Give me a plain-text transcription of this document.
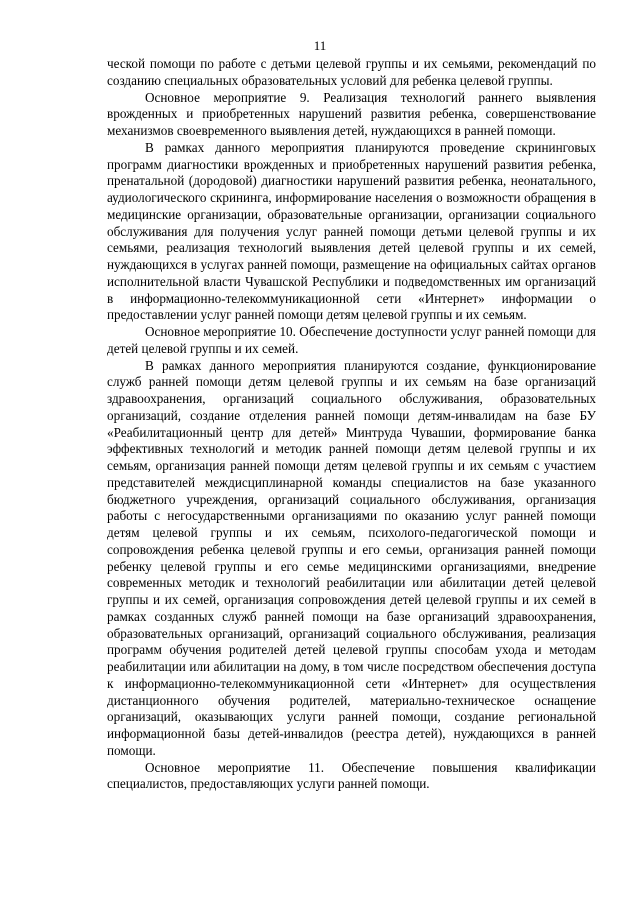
11

ческой помощи по работе с детьми целевой группы и их семьями, рекомендаций по созданию специальных образовательных условий для ребенка целевой группы.

Основное мероприятие 9. Реализация технологий раннего выявления врожденных и приобретенных нарушений развития ребенка, совершенствование механизмов своевременного выявления детей, нуждающихся в ранней помощи.

В рамках данного мероприятия планируются проведение скрининговых программ диагностики врожденных и приобретенных нарушений развития ребенка, пренатальной (дородовой) диагностики нарушений развития ребенка, неонатального, аудиологического скрининга, информирование населения о возможности обращения в медицинские организации, образовательные организации, организации социального обслуживания для получения услуг ранней помощи детьми целевой группы и их семьями, реализация технологий выявления детей целевой группы и их семей, нуждающихся в услугах ранней помощи, размещение на официальных сайтах органов исполнительной власти Чувашской Республики и подведомственных им организаций в информационно-телекоммуникационной сети «Интернет» информации о предоставлении услуг ранней помощи детям целевой группы и их семьям.

Основное мероприятие 10. Обеспечение доступности услуг ранней помощи для детей целевой группы и их семей.

В рамках данного мероприятия планируются создание, функционирование служб ранней помощи детям целевой группы и их семьям на базе организаций здравоохранения, организаций социального обслуживания, образовательных организаций, создание отделения ранней помощи детям-инвалидам на базе БУ «Реабилитационный центр для детей» Минтруда Чувашии, формирование банка эффективных технологий и методик ранней помощи детям целевой группы и их семьям, организация ранней помощи детям целевой группы и их семьям с участием представителей междисциплинарной команды специалистов на базе указанного бюджетного учреждения, организаций социального обслуживания, организация работы с негосударственными организациями по оказанию услуг ранней помощи детям целевой группы и их семьям, психолого-педагогической помощи и сопровождения ребенка целевой группы и его семьи, организация ранней помощи ребенку целевой группы и его семье медицинскими организациями, внедрение современных методик и технологий реабилитации или абилитации детей целевой группы и их семей, организация сопровождения детей целевой группы и их семей в рамках созданных служб ранней помощи на базе организаций здравоохранения, образовательных организаций, организаций социального обслуживания, реализация программ обучения родителей детей целевой группы способам ухода и методам реабилитации или абилитации на дому, в том числе посредством обеспечения доступа к информационно-телекоммуникационной сети «Интернет» для осуществления дистанционного обучения родителей, материально-техническое оснащение организаций, оказывающих услуги ранней помощи, создание региональной информационной базы детей-инвалидов (реестра детей), нуждающихся в ранней помощи.

Основное мероприятие 11. Обеспечение повышения квалификации специалистов, предоставляющих услуги ранней помощи.
